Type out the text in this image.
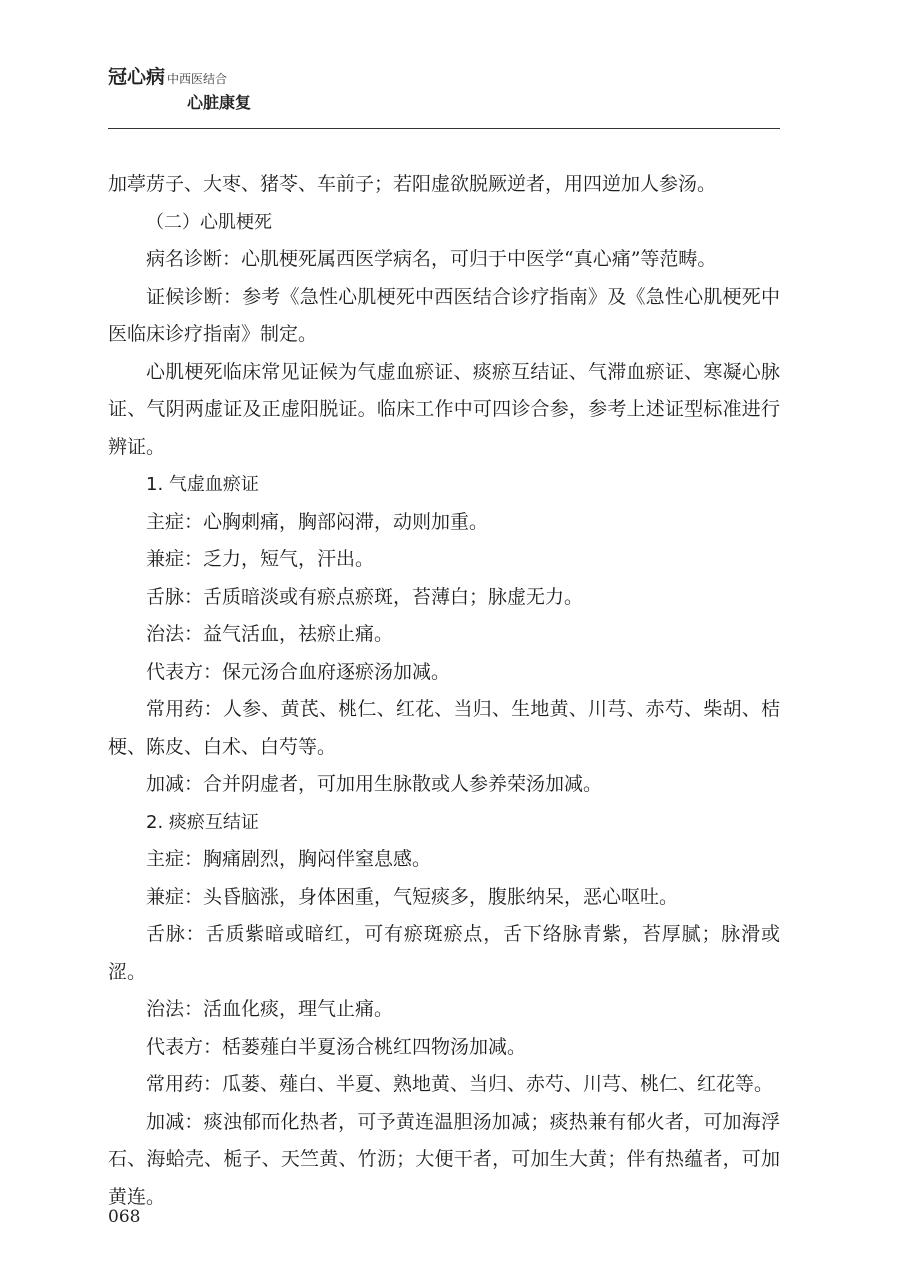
冠心病 中西医结合
心脏康复

加葶苈子、大枣、猪苓、车前子；若阳虚欲脱厥逆者，用四逆加人参汤。

（二）心肌梗死

病名诊断：心肌梗死属西医学病名，可归于中医学“真心痛”等范畴。

证候诊断：参考《急性心肌梗死中西医结合诊疗指南》及《急性心肌梗死中医临床诊疗指南》制定。

心肌梗死临床常见证候为气虚血瘀证、痰瘀互结证、气滞血瘀证、寒凝心脉证、气阴两虚证及正虚阳脱证。临床工作中可四诊合参，参考上述证型标准进行辨证。

1. 气虚血瘀证

主症：心胸刺痛，胸部闷滞，动则加重。

兼症：乏力，短气，汗出。

舌脉：舌质暗淡或有瘀点瘀斑，苔薄白；脉虚无力。

治法：益气活血，祛瘀止痛。

代表方：保元汤合血府逐瘀汤加减。

常用药：人参、黄芪、桃仁、红花、当归、生地黄、川芎、赤芍、柴胡、桔梗、陈皮、白术、白芍等。

加减：合并阴虚者，可加用生脉散或人参养荣汤加减。

2. 痰瘀互结证

主症：胸痛剧烈，胸闷伴窒息感。

兼症：头昏脑涨，身体困重，气短痰多，腹胀纳呆，恶心呕吐。

舌脉：舌质紫暗或暗红，可有瘀斑瘀点，舌下络脉青紫，苔厚腻；脉滑或涩。

治法：活血化痰，理气止痛。

代表方：栝蒌薤白半夏汤合桃红四物汤加减。

常用药：瓜蒌、薤白、半夏、熟地黄、当归、赤芍、川芎、桃仁、红花等。

加减：痰浊郁而化热者，可予黄连温胆汤加减；痰热兼有郁火者，可加海浮石、海蛤壳、栀子、天竺黄、竹沥；大便干者，可加生大黄；伴有热蕴者，可加黄连。

068
